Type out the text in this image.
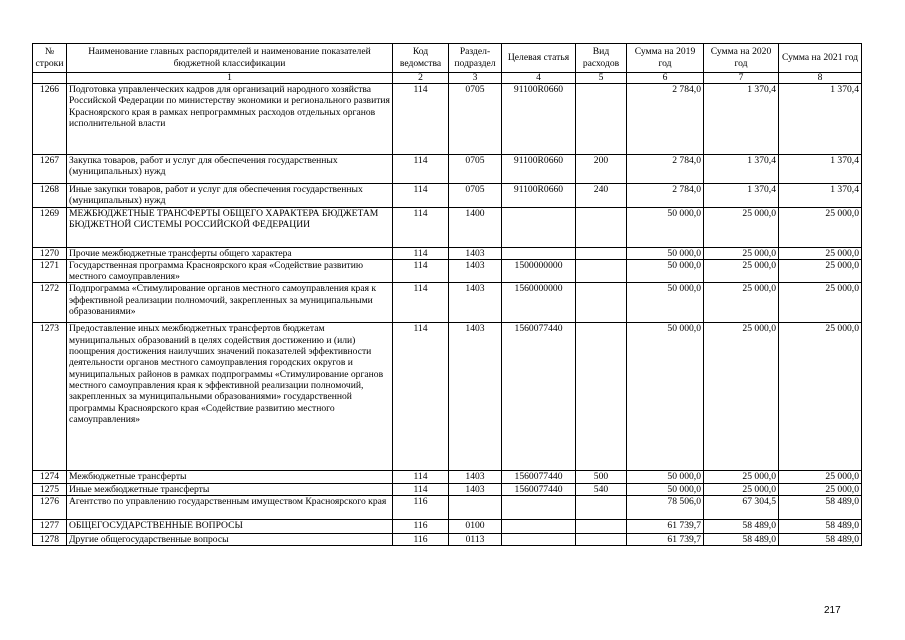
№ строки	Наименование главных распорядителей и наименование показателей бюджетной классификации	Код ведомства	Раздел-подраздел	Целевая статья	Вид расходов	Сумма на 2019 год	Сумма на 2020 год	Сумма на 2021 год
	1	2	3	4	5	6	7	8
1266	Подготовка управленческих кадров для организаций народного хозяйства Российской Федерации по министерству экономики и регионального развития Красноярского края в рамках непрограммных расходов отдельных органов исполнительной власти	114	0705	91100R0660		2 784,0	1 370,4	1 370,4
1267	Закупка товаров, работ и услуг для обеспечения государственных (муниципальных) нужд	114	0705	91100R0660	200	2 784,0	1 370,4	1 370,4
1268	Иные закупки товаров, работ и услуг для обеспечения государственных (муниципальных) нужд	114	0705	91100R0660	240	2 784,0	1 370,4	1 370,4
1269	МЕЖБЮДЖЕТНЫЕ ТРАНСФЕРТЫ ОБЩЕГО ХАРАКТЕРА БЮДЖЕТАМ БЮДЖЕТНОЙ СИСТЕМЫ РОССИЙСКОЙ ФЕДЕРАЦИИ	114	1400			50 000,0	25 000,0	25 000,0
1270	Прочие межбюджетные трансферты общего характера	114	1403			50 000,0	25 000,0	25 000,0
1271	Государственная программа Красноярского края «Содействие развитию местного самоуправления»	114	1403	1500000000		50 000,0	25 000,0	25 000,0
1272	Подпрограмма «Стимулирование органов местного самоуправления края к эффективной реализации полномочий, закрепленных за муниципальными образованиями»	114	1403	1560000000		50 000,0	25 000,0	25 000,0
1273	Предоставление иных межбюджетных трансфертов бюджетам муниципальных образований в целях содействия достижению и (или) поощрения достижения наилучших значений показателей эффективности деятельности органов местного самоуправления городских округов и муниципальных районов в рамках подпрограммы «Стимулирование органов местного самоуправления края к эффективной реализации полномочий, закрепленных за муниципальными образованиями» государственной программы Красноярского края «Содействие развитию местного самоуправления»	114	1403	1560077440		50 000,0	25 000,0	25 000,0
1274	Межбюджетные трансферты	114	1403	1560077440	500	50 000,0	25 000,0	25 000,0
1275	Иные межбюджетные трансферты	114	1403	1560077440	540	50 000,0	25 000,0	25 000,0
1276	Агентство по управлению государственным имуществом Красноярского края	116				78 506,0	67 304,5	58 489,0
1277	ОБЩЕГОСУДАРСТВЕННЫЕ ВОПРОСЫ	116	0100			61 739,7	58 489,0	58 489,0
1278	Другие общегосударственные вопросы	116	0113			61 739,7	58 489,0	58 489,0
217
